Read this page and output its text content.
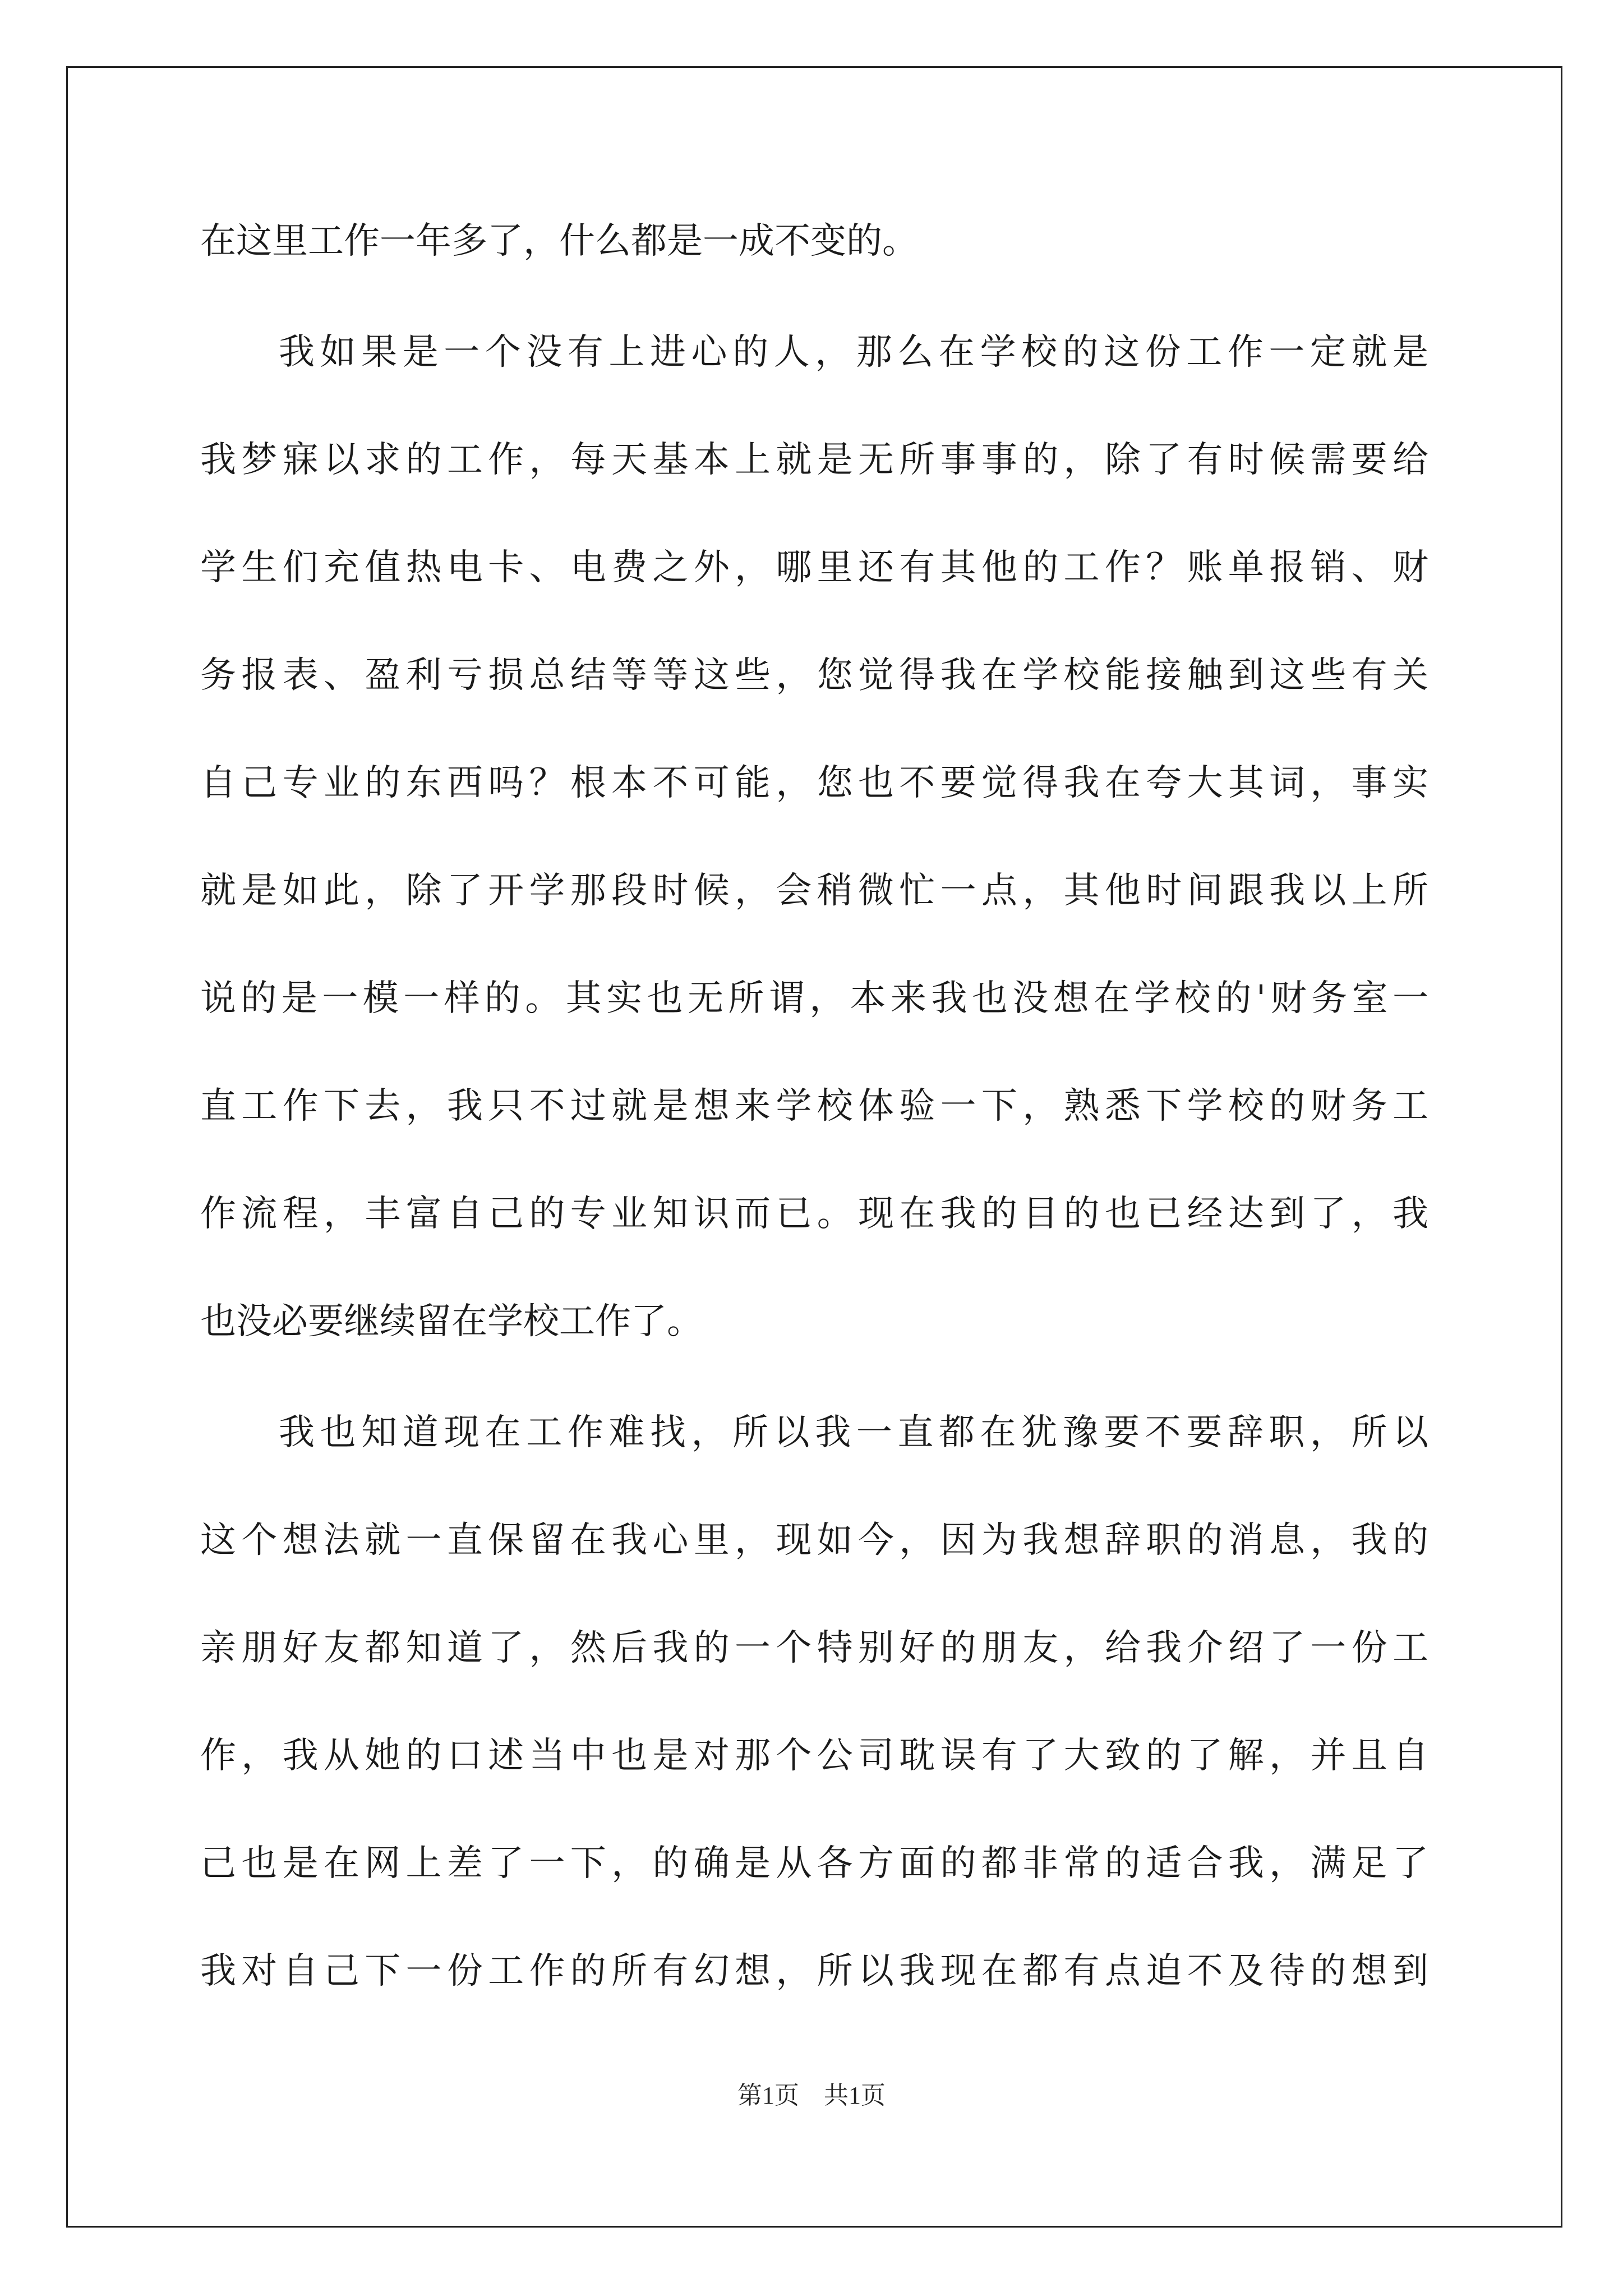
在这里工作一年多了，什么都是一成不变的。
我如果是一个没有上进心的人，那么在学校的这份工作一定就是
我梦寐以求的工作，每天基本上就是无所事事的，除了有时候需要给
学生们充值热电卡、电费之外，哪里还有其他的工作？账单报销、财
务报表、盈利亏损总结等等这些，您觉得我在学校能接触到这些有关
自己专业的东西吗？根本不可能，您也不要觉得我在夸大其词，事实
就是如此，除了开学那段时候，会稍微忙一点，其他时间跟我以上所
说的是一模一样的。其实也无所谓，本来我也没想在学校的'财务室一
直工作下去，我只不过就是想来学校体验一下，熟悉下学校的财务工
作流程，丰富自己的专业知识而已。现在我的目的也已经达到了，我
也没必要继续留在学校工作了。
我也知道现在工作难找，所以我一直都在犹豫要不要辞职，所以
这个想法就一直保留在我心里，现如今，因为我想辞职的消息，我的
亲朋好友都知道了，然后我的一个特别好的朋友，给我介绍了一份工
作，我从她的口述当中也是对那个公司耽误有了大致的了解，并且自
己也是在网上差了一下，的确是从各方面的都非常的适合我，满足了
我对自己下一份工作的所有幻想，所以我现在都有点迫不及待的想到
第1页　共1页
